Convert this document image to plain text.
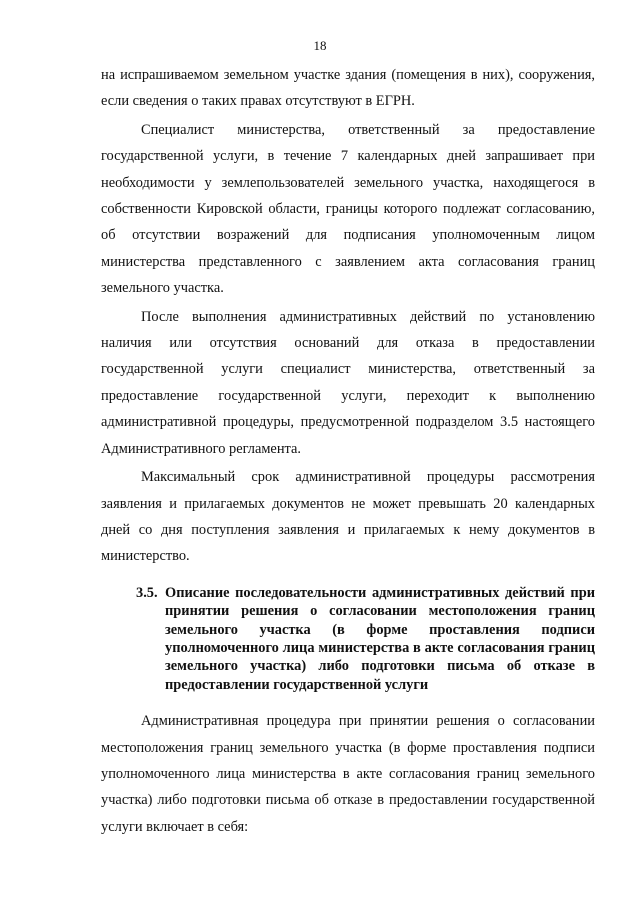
18

на испрашиваемом земельном участке здания (помещения в них), сооружения, если сведения о таких правах отсутствуют в ЕГРН.

Специалист министерства, ответственный за предоставление государственной услуги, в течение 7 календарных дней запрашивает при необходимости у землепользователей земельного участка, находящегося в собственности Кировской области, границы которого подлежат согласованию, об отсутствии возражений для подписания уполномоченным лицом министерства представленного с заявлением акта согласования границ земельного участка.

После выполнения административных действий по установлению наличия или отсутствия оснований для отказа в предоставлении государственной услуги специалист министерства, ответственный за предоставление государственной услуги, переходит к выполнению административной процедуры, предусмотренной подразделом 3.5 настоящего Административного регламента.

Максимальный срок административной процедуры рассмотрения заявления и прилагаемых документов не может превышать 20 календарных дней со дня поступления заявления и прилагаемых к нему документов в министерство.

3.5. Описание последовательности административных действий при принятии решения о согласовании местоположения границ земельного участка (в форме проставления подписи уполномоченного лица министерства в акте согласования границ земельного участка) либо подготовки письма об отказе в предоставлении государственной услуги

Административная процедура при принятии решения о согласовании местоположения границ земельного участка (в форме проставления подписи уполномоченного лица министерства в акте согласования границ земельного участка) либо подготовки письма об отказе в предоставлении государственной услуги включает в себя:
